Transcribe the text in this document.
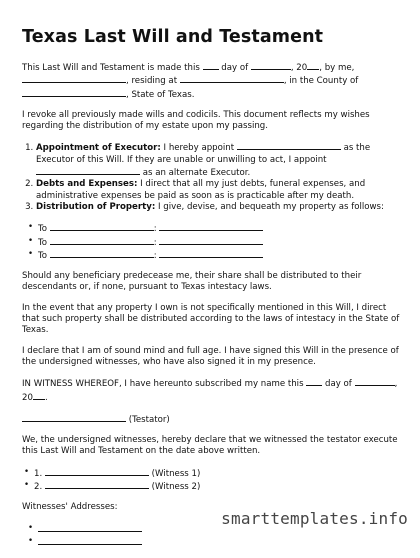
Texas Last Will and Testament

This Last Will and Testament is made this day of	, 20 , by me,
, residing at	, in the County of
, State of Texas.

I revoke all previously made wills and codicils. This document reflects my wishes regarding the distribution of my estate upon my passing.

1. Appointment of Executor: I hereby appoint	as the Executor of this Will. If they are unable or unwilling to act, I appoint  as an alternate Executor.
2. Debts and Expenses: I direct that all my just debts, funeral expenses, and administrative expenses be paid as soon as is practicable after my death.
3. Distribution of Property: I give, devise, and bequeath my property as follows:
• To	:
• To	:
• To	:

Should any beneficiary predecease me, their share shall be distributed to their descendants or, if none, pursuant to Texas intestacy laws.

In the event that any property I own is not specifically mentioned in this Will, I direct that such property shall be distributed according to the laws of intestacy in the State of Texas.

I declare that I am of sound mind and full age. I have signed this Will in the presence of the undersigned witnesses, who have also signed it in my presence.

IN WITNESS WHEREOF, I have hereunto subscribed my name this day of	,
20 .

(Testator)

We, the undersigned witnesses, hereby declare that we witnessed the testator execute this Last Will and Testament on the date above written.

• 1.	(Witness 1)
• 2.	(Witness 2)

Witnesses' Addresses:

•
•
smarttemplates.info
